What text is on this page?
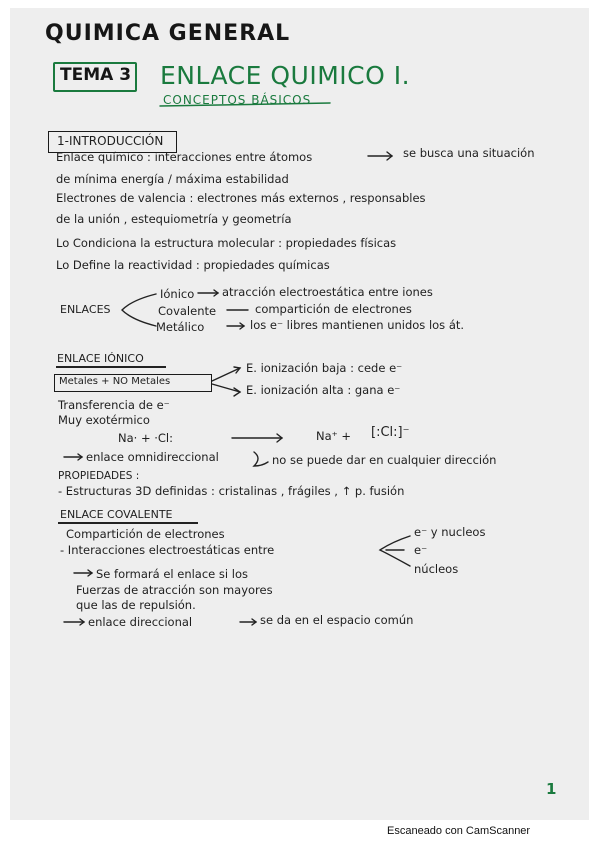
QUIMICA GENERAL
TEMA 3 ENLACE QUIMICO I.
CONCEPTOS BÁSICOS
1-INTRODUCCIÓN
Enlace químico : interacciones entre átomos	se busca una situación
de mínima energía / máxima estabilidad
Electrones de valencia : electrones más externos , responsables
de la unión , estequiometría y geometría
Lo Condiciona la estructura molecular : propiedades físicas
Lo Define la reactividad : propiedades químicas
ENLACES
Iónico atracción electroestática entre iones
Covalente	compartición de electrones
Metálico	los e⁻ libres mantienen unidos los át.
ENLACE IÓNICO
Metales + NO Metales
E. ionización baja : cede e⁻
E. ionización alta : gana e⁻
Transferencia de e⁻
Muy exotérmico
Na· + ·Cl:	Na⁺ + [:Cl:]⁻
enlace omnidireccional	no se puede dar en cualquier dirección
PROPIEDADES :
- Estructuras 3D definidas : cristalinas , frágiles , ↑ p. fusión
ENLACE COVALENTE
Compartición de electrones
- Interacciones electroestáticas entre
e⁻ y nucleos
e⁻
núcleos
Se formará el enlace si los
Fuerzas de atracción son mayores
que las de repulsión.
enlace direccional	se da en el espacio común
1
Escaneado con CamScanner
